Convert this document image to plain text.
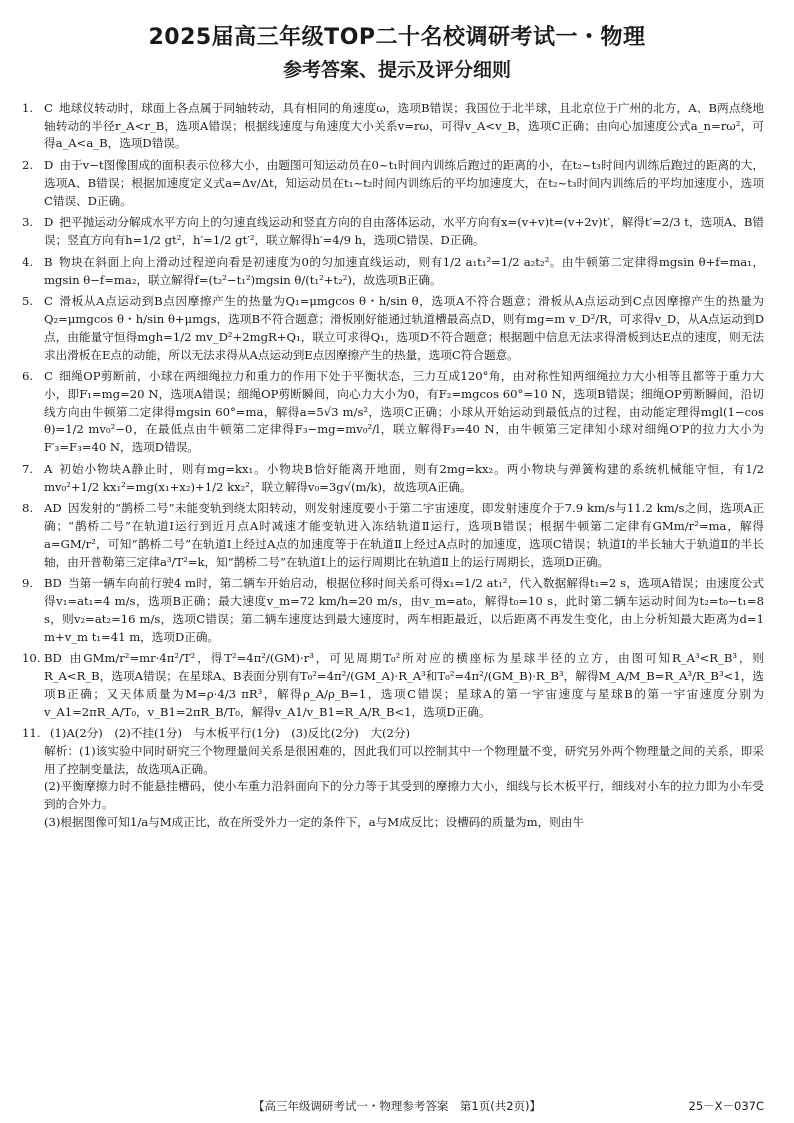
2025届高三年级TOP二十名校调研考试一・物理
参考答案、提示及评分细则
1. C 地球仪转动时，球面上各点属于同轴转动，具有相同的角速度ω，选项B错误；我国位于北半球，且北京位于广州的北方，A、B两点绕地轴转动的半径r_A<r_B，选项A错误；根据线速度与角速度大小关系v=rω，可得v_A<v_B，选项C正确；由向心加速度公式a_n=rω²，可得a_A<a_B，选项D错误。

2. D 由于v−t图像围成的面积表示位移大小，由题图可知运动员在0~t₁时间内训练后跑过的距离的小，在t₂~t₃时间内训练后跑过的距离的大，选项A、B错误；根据加速度定义式a=Δv/Δt，知运动员在t₁~t₂时间内训练后的平均加速度大，在t₂~t₃时间内训练后的平均加速度小，选项C错误、D正确。

3. D 把平抛运动分解成水平方向上的匀速直线运动和竖直方向的自由落体运动，水平方向有x=(v+v)t=(v+2v)t′，解得t′=2/3 t，选项A、B错误；竖直方向有h=1/2 gt²，h′=1/2 gt′²，联立解得h′=4/9 h，选项C错误、D正确。

4. B 物块在斜面上向上滑动过程逆向看是初速度为0的匀加速直线运动，则有1/2 a₁t₁²=1/2 a₂t₂²。由牛顿第二定律得mgsin θ+f=ma₁，mgsin θ−f=ma₂，联立解得f=(t₂²−t₁²)mgsin θ/(t₁²+t₂²)，故选项B正确。

5. C 滑板从A点运动到B点因摩擦产生的热量为Q₁=μmgcos θ・h/sin θ，选项A不符合题意；滑板从A点运动到C点因摩擦产生的热量为Q₂=μmgcos θ・h/sin θ+μmgs，选项B不符合题意；滑板刚好能通过轨道槽最高点D，则有mg=m v_D²/R，可求得v_D，从A点运动到D点，由能量守恒得mgh=1/2 mv_D²+2mgR+Q₁，联立可求得Q₁，选项D不符合题意；根据题中信息无法求得滑板到达E点的速度，则无法求出滑板在E点的动能，所以无法求得从A点运动到E点因摩擦产生的热量，选项C符合题意。

6. C 细绳OP剪断前，小球在两细绳拉力和重力的作用下处于平衡状态，三力互成120°角，由对称性知两细绳拉力大小相等且都等于重力大小，即F₁=mg=20 N，选项A错误；细绳OP剪断瞬间，向心力大小为0，有F₂=mgcos 60°=10 N，选项B错误；细绳OP剪断瞬间，沿切线方向由牛顿第二定律得mgsin 60°=ma，解得a=5√3 m/s²，选项C正确；小球从开始运动到最低点的过程，由动能定理得mgl(1−cos θ)=1/2 mv₀²−0，在最低点由牛顿第二定律得F₃−mg=mv₀²/l，联立解得F₃=40 N，由牛顿第三定律知小球对细绳O′P的拉力大小为F′₃=F₃=40 N，选项D错误。

7. A 初始小物块A静止时，则有mg=kx₁。小物块B恰好能离开地面，则有2mg=kx₂。两小物块与弹簧构建的系统机械能守恒，有1/2 mv₀²+1/2 kx₁²=mg(x₁+x₂)+1/2 kx₂²，联立解得v₀=3g√(m/k)，故选项A正确。

8. AD 因发射的“鹊桥二号”未能变轨到绕太阳转动，则发射速度要小于第二宇宙速度，即发射速度介于7.9 km/s与11.2 km/s之间，选项A正确；“鹊桥二号”在轨道Ⅰ运行到近月点A时减速才能变轨进入冻结轨道Ⅱ运行，选项B错误；根据牛顿第二定律有GMm/r²=ma，解得a=GM/r²，可知“鹊桥二号”在轨道Ⅰ上经过A点的加速度等于在轨道Ⅱ上经过A点时的加速度，选项C错误；轨道Ⅰ的半长轴大于轨道Ⅱ的半长轴，由开普勒第三定律a³/T²=k，知“鹊桥二号”在轨道Ⅰ上的运行周期比在轨道Ⅱ上的运行周期长，选项D正确。

9. BD 当第一辆车向前行驶4 m时，第二辆车开始启动，根据位移时间关系可得x₁=1/2 at₁²，代入数据解得t₁=2 s，选项A错误；由速度公式得v₁=at₁=4 m/s，选项B正确；最大速度v_m=72 km/h=20 m/s，由v_m=at₀，解得t₀=10 s，此时第二辆车运动时间为t₂=t₀−t₁=8 s，则v₂=at₂=16 m/s，选项C错误；第二辆车速度达到最大速度时，两车相距最近，以后距离不再发生变化，由上分析知最大距离为d=1 m+v_m t₁=41 m，选项D正确。

10. BD 由GMm/r²=mr·4π²/T²，得T²=4π²/(GM)·r³，可见周期T₀²所对应的横座标为星球半径的立方，由图可知R_A³<R_B³，则R_A<R_B，选项A错误；在星球A、B表面分别有T₀²=4π²/(GM_A)·R_A³和T₀²=4π²/(GM_B)·R_B³，解得M_A/M_B=R_A³/R_B³<1，选项B正确；又天体质量为M=ρ·4/3 πR³，解得ρ_A/ρ_B=1，选项C错误；星球A的第一宇宙速度与星球B的第一宇宙速度分别为v_A1=2πR_A/T₀，v_B1=2πR_B/T₀，解得v_A1/v_B1=R_A/R_B<1，选项D正确。

11. (1)A(2分)　(2)不挂(1分)　与木板平行(1分)　(3)反比(2分)　大(2分)
解析：(1)该实验中同时研究三个物理量间关系是很困难的，因此我们可以控制其中一个物理量不变，研究另外两个物理量之间的关系，即采用了控制变量法，故选项A正确。
(2)平衡摩擦力时不能悬挂槽码，使小车重力沿斜面向下的分力等于其受到的摩擦力大小，细线与长木板平行，细线对小车的拉力即为小车受到的合外力。
(3)根据图像可知1/a与M成正比，故在所受外力一定的条件下，a与M成反比；设槽码的质量为m，则由牛

【高三年级调研考试一・物理参考答案　第1页(共2页)】	25－X－037C
